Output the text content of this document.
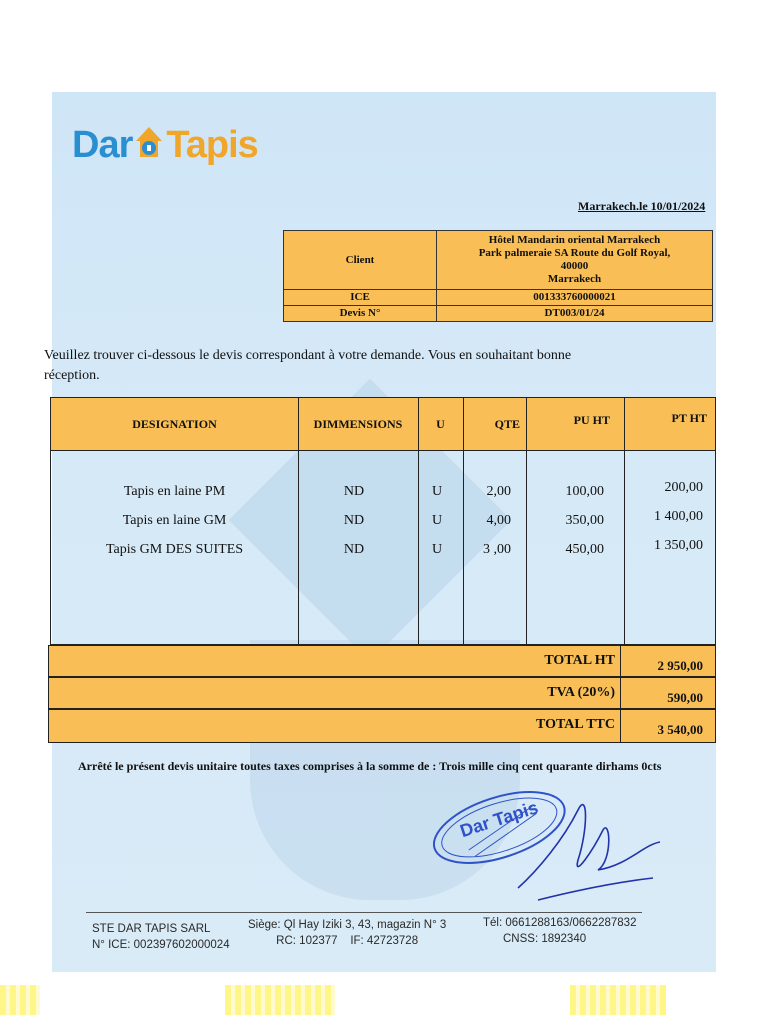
Dar Tapis
Marrakech.le 10/01/2024
Client	Hôtel Mandarin oriental Marrakech
Park palmeraie SA Route du Golf Royal,
40000
Marrakech

ICE	001333760000021
Devis N°	DT003/01/24
Veuillez trouver ci-dessous le devis correspondant à votre demande. Vous en souhaitant bonne réception.
DESIGNATION	DIMMENSIONS	U	QTE	PU HT	PT HT
Tapis en laine PM	ND	U	2,00	100,00	200,00
Tapis en laine GM	ND	U	4,00	350,00	1 400,00
Tapis GM DES SUITES	ND	U	3 ,00	450,00	1 350,00
TOTAL HT	2 950,00
TVA (20%)	590,00
TOTAL TTC	3 540,00
Arrêté le présent devis unitaire toutes taxes comprises à la somme de : Trois mille cinq cent quarante dirhams 0cts
Dar Tapis
STE DAR TAPIS SARL
N° ICE: 002397602000024
Siège: Ql Hay Iziki 3, 43, magazin N° 3
RC: 102377    IF: 42723728
Tél: 0661288163/0662287832
CNSS: 1892340
